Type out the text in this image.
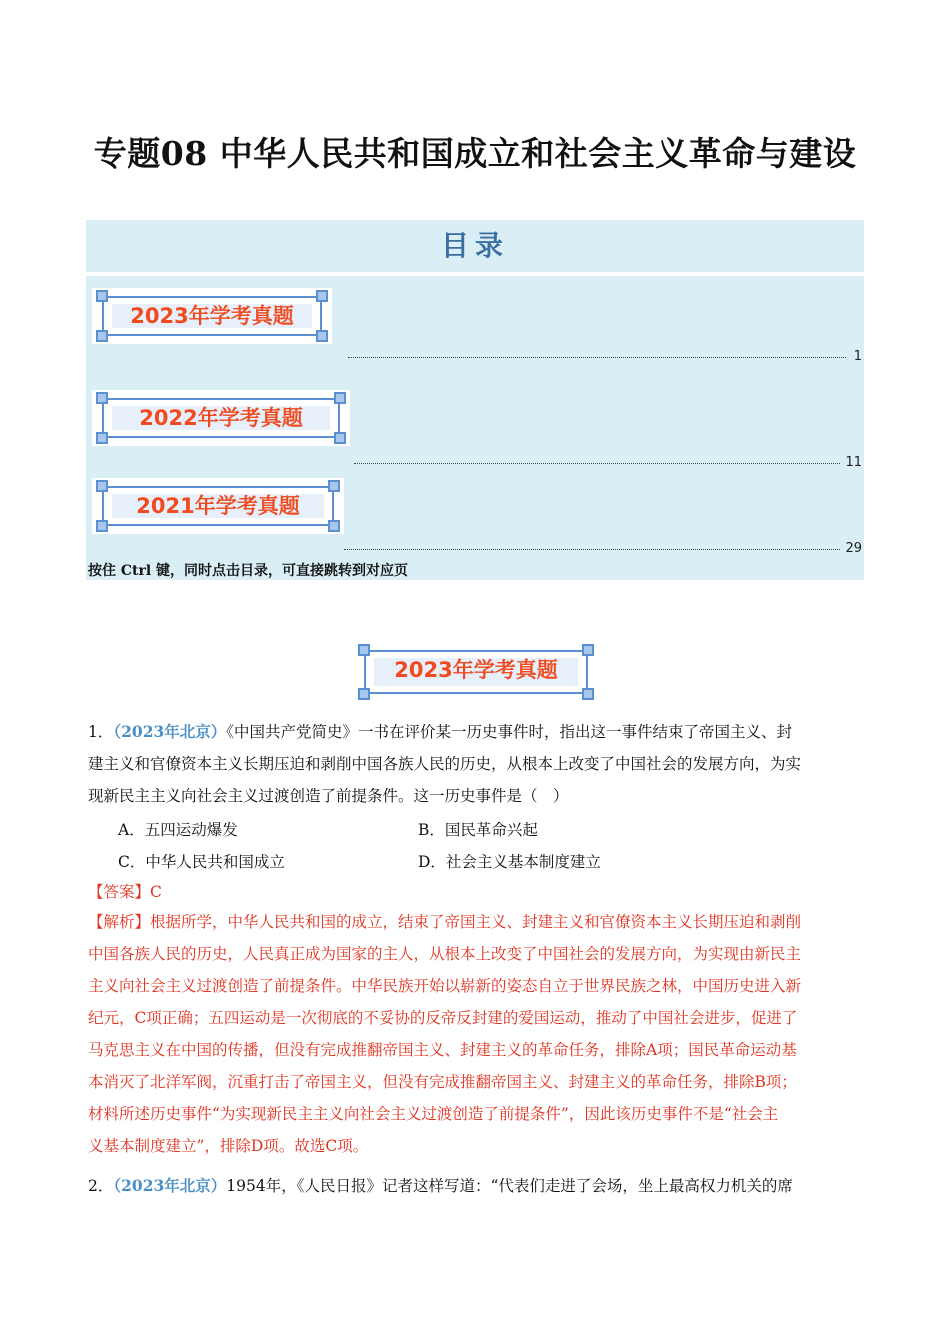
专题08 中华人民共和国成立和社会主义革命与建设
目录
2023年学考真题
1
2022年学考真题
11
2021年学考真题
29
按住 Ctrl 键，同时点击目录，可直接跳转到对应页
2023年学考真题
1．（2023年北京）《中国共产党简史》一书在评价某一历史事件时，指出这一事件结束了帝国主义、封
建主义和官僚资本主义长期压迫和剥削中国各族人民的历史，从根本上改变了中国社会的发展方向，为实
现新民主主义向社会主义过渡创造了前提条件。这一历史事件是（　）
A．五四运动爆发	B．国民革命兴起
C．中华人民共和国成立	D．社会主义基本制度建立
【答案】C
【解析】根据所学，中华人民共和国的成立，结束了帝国主义、封建主义和官僚资本主义长期压迫和剥削
中国各族人民的历史，人民真正成为国家的主人，从根本上改变了中国社会的发展方向，为实现由新民主
主义向社会主义过渡创造了前提条件。中华民族开始以崭新的姿态自立于世界民族之林，中国历史进入新
纪元，C项正确；五四运动是一次彻底的不妥协的反帝反封建的爱国运动，推动了中国社会进步，促进了
马克思主义在中国的传播，但没有完成推翻帝国主义、封建主义的革命任务，排除A项；国民革命运动基
本消灭了北洋军阀，沉重打击了帝国主义，但没有完成推翻帝国主义、封建主义的革命任务，排除B项；
材料所述历史事件“为实现新民主主义向社会主义过渡创造了前提条件”，因此该历史事件不是“社会主
义基本制度建立”，排除D项。故选C项。
2．（2023年北京）1954年，《人民日报》记者这样写道：“代表们走进了会场，坐上最高权力机关的席
